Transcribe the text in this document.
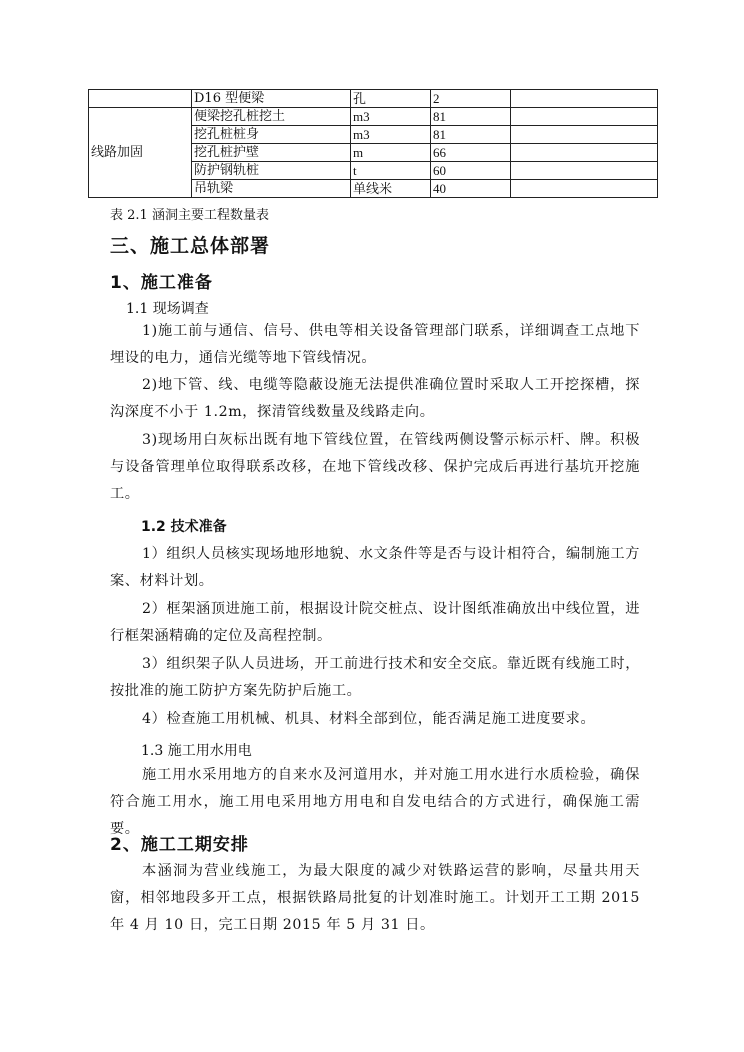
	D16 型便梁	孔	2	
线路加固	便梁挖孔桩挖土	m3	81	
	挖孔桩桩身	m3	81	
	挖孔桩护壁	m	66	
	防护钢轨桩	t	60	
	吊轨梁	单线米	40	
表 2.1 涵洞主要工程数量表
三、施工总体部署
1、施工准备
1.1 现场调查
1)施工前与通信、信号、供电等相关设备管理部门联系，详细调查工点地下埋设的电力，通信光缆等地下管线情况。
2)地下管、线、电缆等隐蔽设施无法提供准确位置时采取人工开挖探槽，探沟深度不小于 1.2m，探清管线数量及线路走向。
3)现场用白灰标出既有地下管线位置，在管线两侧设警示标示杆、牌。积极与设备管理单位取得联系改移，在地下管线改移、保护完成后再进行基坑开挖施工。
1.2 技术准备
1）组织人员核实现场地形地貌、水文条件等是否与设计相符合，编制施工方案、材料计划。
2）框架涵顶进施工前，根据设计院交桩点、设计图纸准确放出中线位置，进行框架涵精确的定位及高程控制。
3）组织架子队人员进场，开工前进行技术和安全交底。靠近既有线施工时，按批准的施工防护方案先防护后施工。
4）检查施工用机械、机具、材料全部到位，能否满足施工进度要求。
1.3 施工用水用电
施工用水采用地方的自来水及河道用水，并对施工用水进行水质检验，确保符合施工用水，施工用电采用地方用电和自发电结合的方式进行，确保施工需要。
2、施工工期安排
本涵洞为营业线施工，为最大限度的减少对铁路运营的影响，尽量共用天窗，相邻地段多开工点，根据铁路局批复的计划准时施工。计划开工工期 2015 年 4 月 10 日，完工日期 2015 年 5 月 31 日。
